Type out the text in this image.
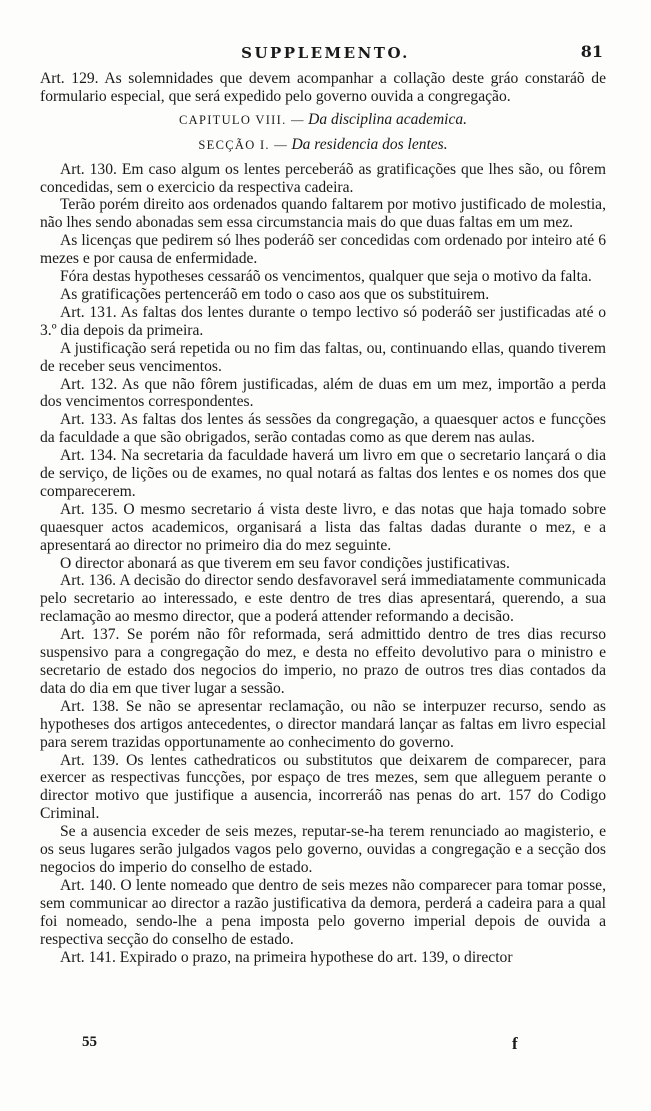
SUPPLEMENTO.	81

Art. 129. As solemnidades que devem acompanhar a collação deste gráo constaráõ de formulario especial, que será expedido pelo governo ouvida a congregação.

CAPITULO VIII. — Da disciplina academica.
SECÇÃO I. — Da residencia dos lentes.

Art. 130. Em caso algum os lentes perceberáõ as gratificações que lhes são, ou fôrem concedidas, sem o exercicio da respectiva cadeira.

Terão porém direito aos ordenados quando faltarem por motivo justificado de molestia, não lhes sendo abonadas sem essa circumstancia mais do que duas faltas em um mez.

As licenças que pedirem só lhes poderáõ ser concedidas com ordenado por inteiro até 6 mezes e por causa de enfermidade.

Fóra destas hypotheses cessaráõ os vencimentos, qualquer que seja o motivo da falta.

As gratificações pertenceráõ em todo o caso aos que os substituirem.

Art. 131. As faltas dos lentes durante o tempo lectivo só poderáõ ser justificadas até o 3.º dia depois da primeira.

A justificação será repetida ou no fim das faltas, ou, continuando ellas, quando tiverem de receber seus vencimentos.

Art. 132. As que não fôrem justificadas, além de duas em um mez, importão a perda dos vencimentos correspondentes.

Art. 133. As faltas dos lentes ás sessões da congregação, a quaesquer actos e funcções da faculdade a que são obrigados, serão contadas como as que derem nas aulas.

Art. 134. Na secretaria da faculdade haverá um livro em que o secretario lançará o dia de serviço, de lições ou de exames, no qual notará as faltas dos lentes e os nomes dos que comparecerem.

Art. 135. O mesmo secretario á vista deste livro, e das notas que haja tomado sobre quaesquer actos academicos, organisará a lista das faltas dadas durante o mez, e a apresentará ao director no primeiro dia do mez seguinte.

O director abonará as que tiverem em seu favor condições justificativas.

Art. 136. A decisão do director sendo desfavoravel será immediatamente communicada pelo secretario ao interessado, e este dentro de tres dias apresentará, querendo, a sua reclamação ao mesmo director, que a poderá attender reformando a decisão.

Art. 137. Se porém não fôr reformada, será admittido dentro de tres dias recurso suspensivo para a congregação do mez, e desta no effeito devolutivo para o ministro e secretario de estado dos negocios do imperio, no prazo de outros tres dias contados da data do dia em que tiver lugar a sessão.

Art. 138. Se não se apresentar reclamação, ou não se interpuzer recurso, sendo as hypotheses dos artigos antecedentes, o director mandará lançar as faltas em livro especial para serem trazidas opportunamente ao conhecimento do governo.

Art. 139. Os lentes cathedraticos ou substitutos que deixarem de comparecer, para exercer as respectivas funcções, por espaço de tres mezes, sem que alleguem perante o director motivo que justifique a ausencia, incorreráõ nas penas do art. 157 do Codigo Criminal.

Se a ausencia exceder de seis mezes, reputar-se-ha terem renunciado ao magisterio, e os seus lugares serão julgados vagos pelo governo, ouvidas a congregação e a secção dos negocios do imperio do conselho de estado.

Art. 140. O lente nomeado que dentro de seis mezes não comparecer para tomar posse, sem communicar ao director a razão justificativa da demora, perderá a cadeira para a qual foi nomeado, sendo-lhe a pena imposta pelo governo imperial depois de ouvida a respectiva secção do conselho de estado.

Art. 141. Expirado o prazo, na primeira hypothese do art. 139, o director

55	f
